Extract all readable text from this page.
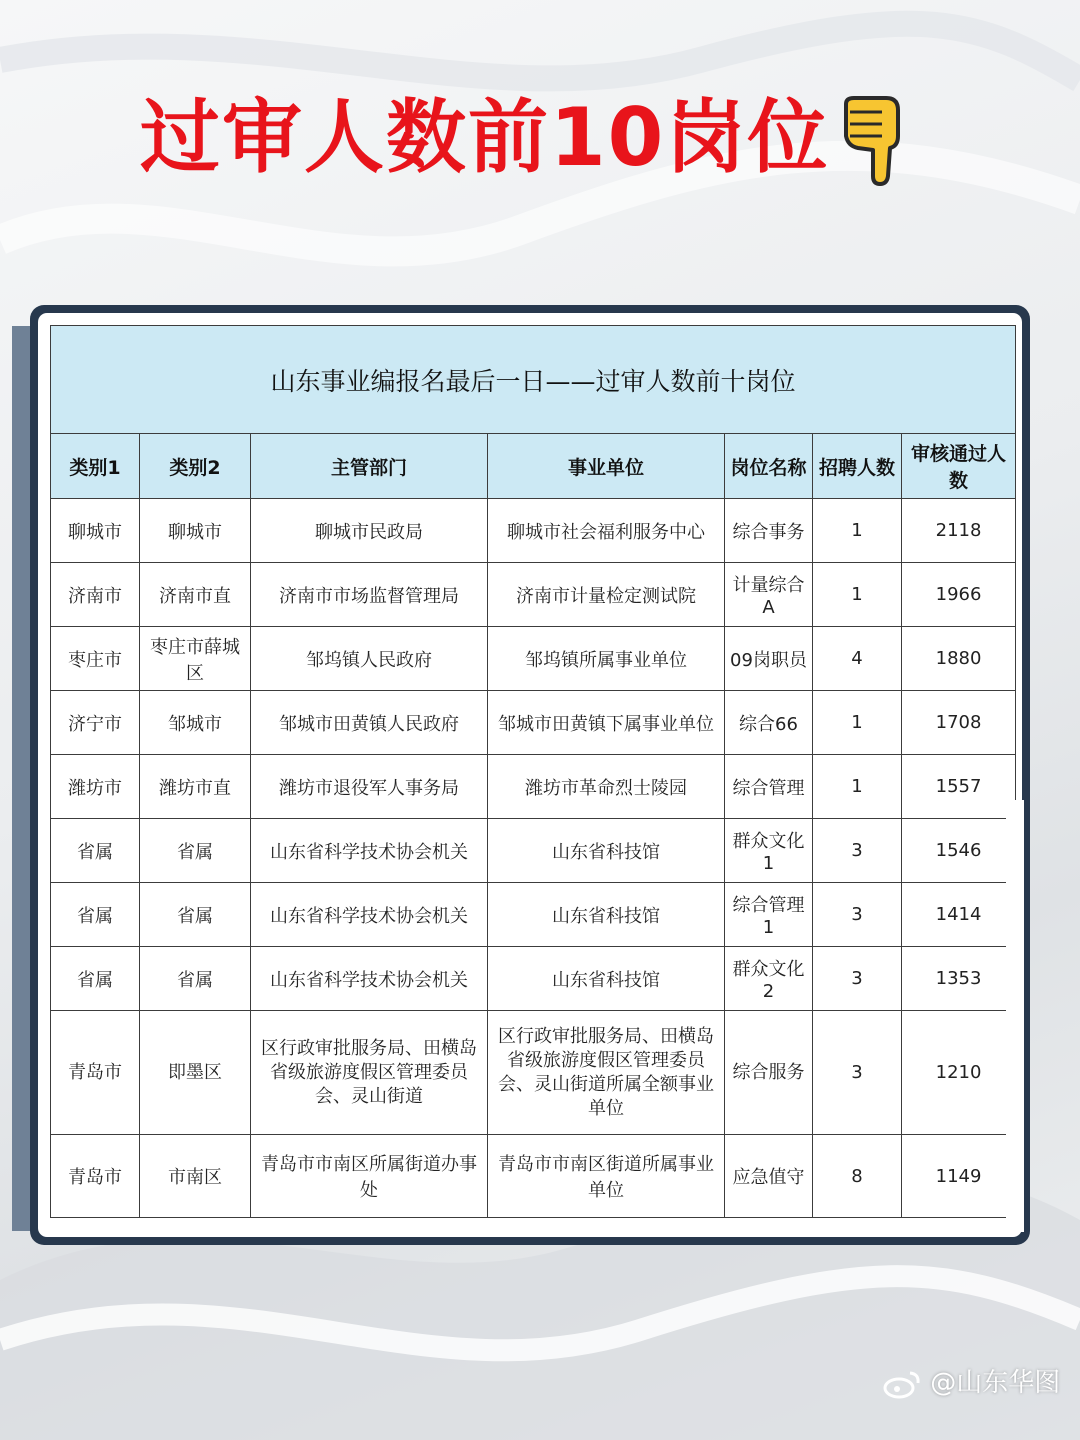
过审人数前10岗位
山东事业编报名最后一日——过审人数前十岗位						
类别1	类别2	主管部门	事业单位	岗位名称	招聘人数	审核通过人数
聊城市	聊城市	聊城市民政局	聊城市社会福利服务中心	综合事务	1	2118
济南市	济南市直	济南市市场监督管理局	济南市计量检定测试院	计量综合A	1	1966
枣庄市	枣庄市薛城区	邹坞镇人民政府	邹坞镇所属事业单位	09岗职员	4	1880
济宁市	邹城市	邹城市田黄镇人民政府	邹城市田黄镇下属事业单位	综合66	1	1708
潍坊市	潍坊市直	潍坊市退役军人事务局	潍坊市革命烈士陵园	综合管理	1	1557
省属	省属	山东省科学技术协会机关	山东省科技馆	群众文化1	3	1546
省属	省属	山东省科学技术协会机关	山东省科技馆	综合管理1	3	1414
省属	省属	山东省科学技术协会机关	山东省科技馆	群众文化2	3	1353
青岛市	即墨区	区行政审批服务局、田横岛省级旅游度假区管理委员会、灵山街道	区行政审批服务局、田横岛省级旅游度假区管理委员会、灵山街道所属全额事业单位	综合服务	3	1210
青岛市	市南区	青岛市市南区所属街道办事处	青岛市市南区街道所属事业单位	应急值守	8	1149
@山东华图
